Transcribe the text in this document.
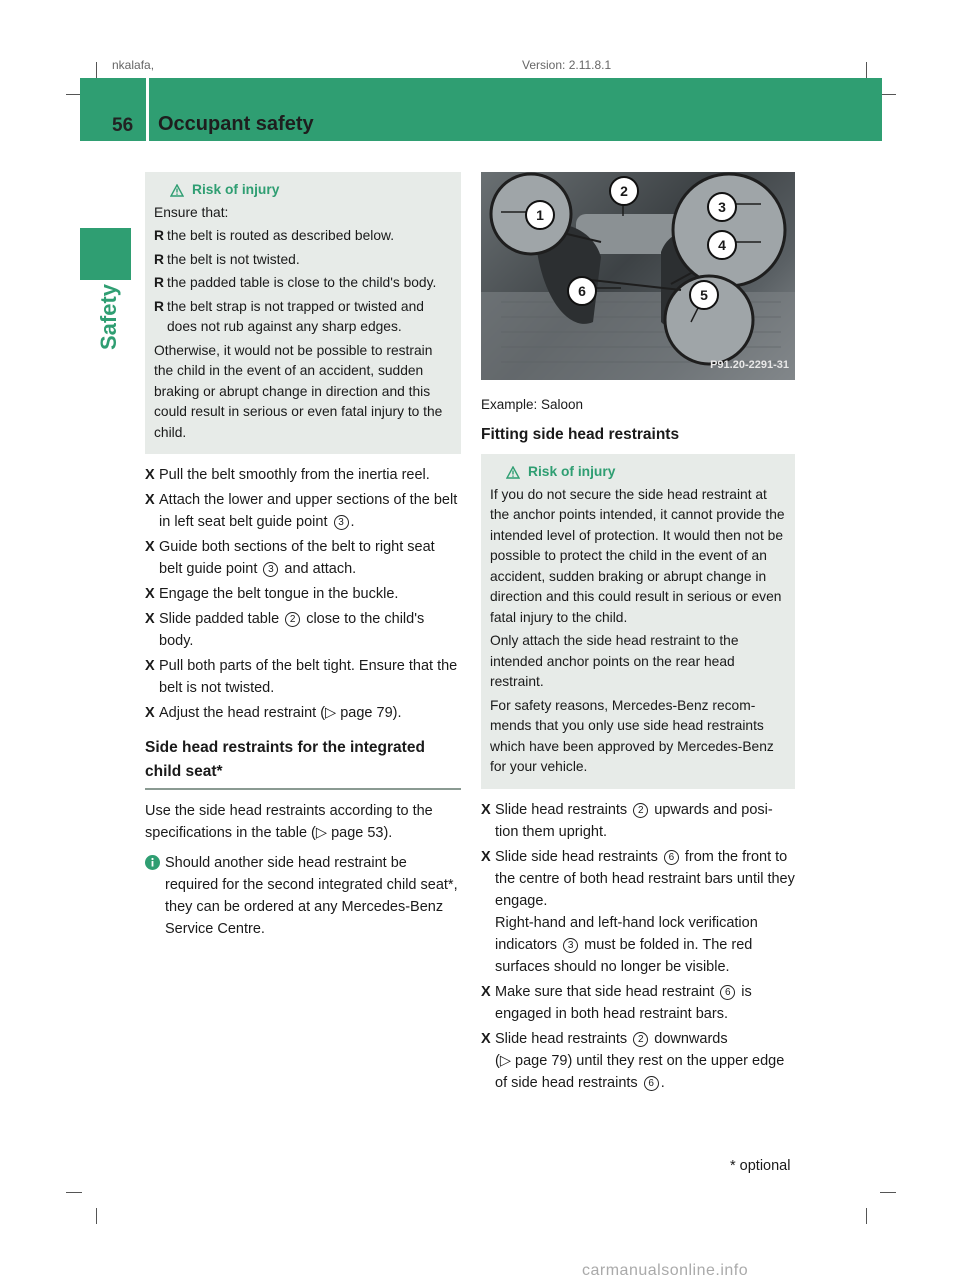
nkalafa,	Version: 2.11.8.1
56 Occupant safety
Safety
Risk of injury

Ensure that:

R the belt is routed as described below.
R the belt is not twisted.
R the padded table is close to the child's body.
R the belt strap is not trapped or twisted and does not rub against any sharp edges.

Otherwise, it would not be possible to restrain the child in the event of an accident, sudden braking or abrupt change in direction and this could result in serious or even fatal injury to the child.

X Pull the belt smoothly from the inertia reel.
X Attach the lower and upper sections of the belt in left seat belt guide point 3 .
X Guide both sections of the belt to right seat belt guide point 3 and attach.
X Engage the belt tongue in the buckle.
X Slide padded table 2 close to the child's body.
X Pull both parts of the belt tight. Ensure that the belt is not twisted.
X Adjust the head restraint (▷ page 79).
Side head restraints for the integrated child seat*
Use the side head restraints according to the specifications in the table (▷ page 53).
Should another side head restraint be required for the second integrated child seat*, they can be ordered at any Mercedes-Benz Service Centre.
1
2
3
4
5
6
P91.20-2291-31
Example: Saloon
Fitting side head restraints
Risk of injury

If you do not secure the side head restraint at the anchor points intended, it cannot provide the intended level of protection. It would then not be possible to protect the child in the event of an accident, sudden braking or abrupt change in direction and this could result in serious or even fatal injury to the child.

Only attach the side head restraint to the intended anchor points on the rear head restraint.

For safety reasons, Mercedes-Benz recom-mends that you only use side head restraints which have been approved by Mercedes-Benz for your vehicle.

X Slide head restraints 2 upwards and posi-tion them upright.
X Slide side head restraints 6 from the front to the centre of both head restraint bars until they engage.
Right-hand and left-hand lock verification indicators 3 must be folded in. The red surfaces should no longer be visible.
X Make sure that side head restraint 6 is engaged in both head restraint bars.
X Slide head restraints 2 downwards
(▷ page 79) until they rest on the upper edge of side head restraints 6 .
* optional
carmanualsonline.info
